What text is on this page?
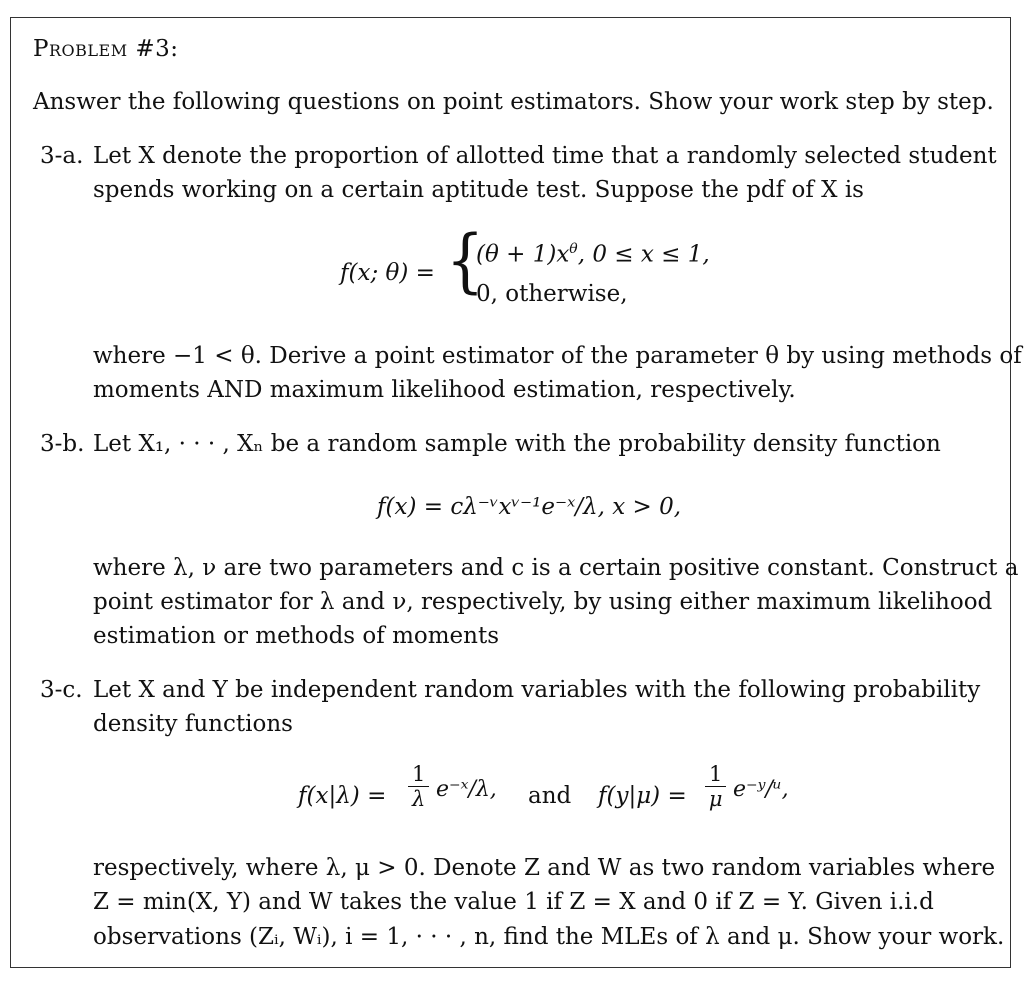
Problem #3:
Answer the following questions on point estimators. Show your work step by step.
3-a. Let X denote the proportion of allotted time that a randomly selected student
spends working on a certain aptitude test. Suppose the pdf of X is
f(x; θ) = {
$(\theta + 1)x^\theta$, 0 ≤ x ≤ 1,
0, otherwise,
where −1 < θ. Derive a point estimator of the parameter θ by using methods of
moments AND maximum likelihood estimation, respectively.
3-b. Let X₁, · · · , Xₙ be a random sample with the probability density function
f(x) = cλ⁻ᵛxᵛ⁻¹e⁻ˣ/λ, x > 0,
where λ, ν are two parameters and c is a certain positive constant. Construct a
point estimator for λ and ν, respectively, by using either maximum likelihood
estimation or methods of moments
3-c. Let X and Y be independent random variables with the following probability
density functions
$f(x|\lambda) = \frac{1}{\lambda}$ e⁻ˣ/λ, and $f(y|\mu) = \frac{1}{\mu}$ e⁻ʸ/ᵘ,
respectively, where λ, μ > 0. Denote Z and W as two random variables where
Z = min(X, Y) and W takes the value 1 if Z = X and 0 if Z = Y. Given i.i.d
observations (Zᵢ, Wᵢ), i = 1, · · · , n, find the MLEs of λ and μ. Show your work.
